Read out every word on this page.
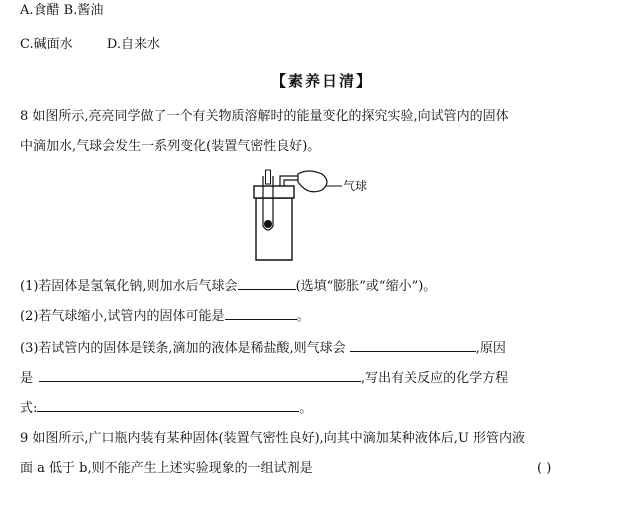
A.食醋 B.酱油
C.碱面水	D.自来水
【素养日清】
8 如图所示,亮亮同学做了一个有关物质溶解时的能量变化的探究实验,向试管内的固体
中滴加水,气球会发生一系列变化(装置气密性良好)。
气球
(1)若固体是氢氧化钠,则加水后气球会	(选填“膨胀”或“缩小”)。
(2)若气球缩小,试管内的固体可能是	。
(3)若试管内的固体是镁条,滴加的液体是稀盐酸,则气球会	,原因
是	,写出有关反应的化学方程
式:	。
9 如图所示,广口瓶内装有某种固体(装置气密性良好),向其中滴加某种液体后,U 形管内液
面 a 低于 b,则不能产生上述实验现象的一组试剂是	( )
